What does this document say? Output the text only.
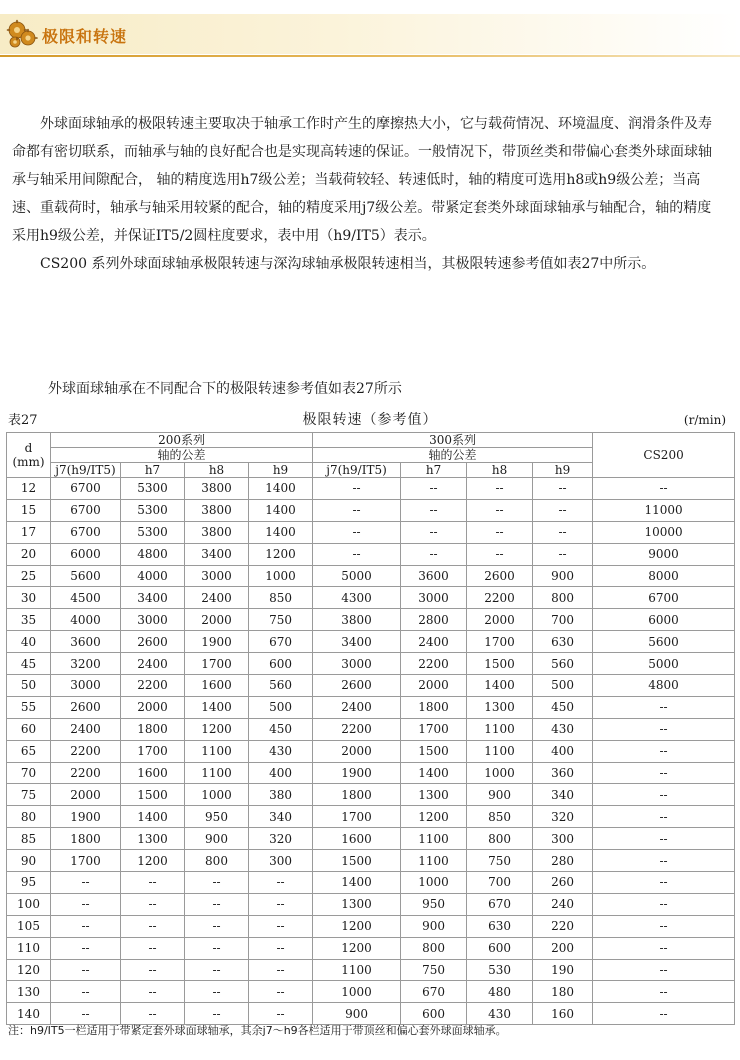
极限和转速

外球面球轴承的极限转速主要取决于轴承工作时产生的摩擦热大小，它与载荷情况、环境温度、润滑条件及寿命都有密切联系，而轴承与轴的良好配合也是实现高转速的保证。一般情况下，带顶丝类和带偏心套类外球面球轴承与轴采用间隙配合， 轴的精度选用h7级公差；当载荷较轻、转速低时，轴的精度可选用h8或h9级公差；当高速、重载荷时，轴承与轴采用较紧的配合，轴的精度采用j7级公差。带紧定套类外球面球轴承与轴配合，轴的精度采用h9级公差，并保证IT5/2圆柱度要求，表中用（h9/IT5）表示。

CS200 系列外球面球轴承极限转速与深沟球轴承极限转速相当，其极限转速参考值如表27中所示。

外球面球轴承在不同配合下的极限转速参考值如表27所示
表27	极限转速（参考值）	(r/min)
d
(mm)	200系列				300系列				CS200
	轴的公差				轴的公差				
	j7(h9/IT5)	h7	h8	h9	j7(h9/IT5)	h7	h8	h9	
12	6700	5300	3800	1400	--	--	--	--	--
15	6700	5300	3800	1400	--	--	--	--	11000
17	6700	5300	3800	1400	--	--	--	--	10000
20	6000	4800	3400	1200	--	--	--	--	9000
25	5600	4000	3000	1000	5000	3600	2600	900	8000
30	4500	3400	2400	850	4300	3000	2200	800	6700
35	4000	3000	2000	750	3800	2800	2000	700	6000
40	3600	2600	1900	670	3400	2400	1700	630	5600
45	3200	2400	1700	600	3000	2200	1500	560	5000
50	3000	2200	1600	560	2600	2000	1400	500	4800
55	2600	2000	1400	500	2400	1800	1300	450	--
60	2400	1800	1200	450	2200	1700	1100	430	--
65	2200	1700	1100	430	2000	1500	1100	400	--
70	2200	1600	1100	400	1900	1400	1000	360	--
75	2000	1500	1000	380	1800	1300	900	340	--
80	1900	1400	950	340	1700	1200	850	320	--
85	1800	1300	900	320	1600	1100	800	300	--
90	1700	1200	800	300	1500	1100	750	280	--
95	--	--	--	--	1400	1000	700	260	--
100	--	--	--	--	1300	950	670	240	--
105	--	--	--	--	1200	900	630	220	--
110	--	--	--	--	1200	800	600	200	--
120	--	--	--	--	1100	750	530	190	--
130	--	--	--	--	1000	670	480	180	--
140	--	--	--	--	900	600	430	160	--
注：h9/IT5一栏适用于带紧定套外球面球轴承，其余j7～h9各栏适用于带顶丝和偏心套外球面球轴承。
